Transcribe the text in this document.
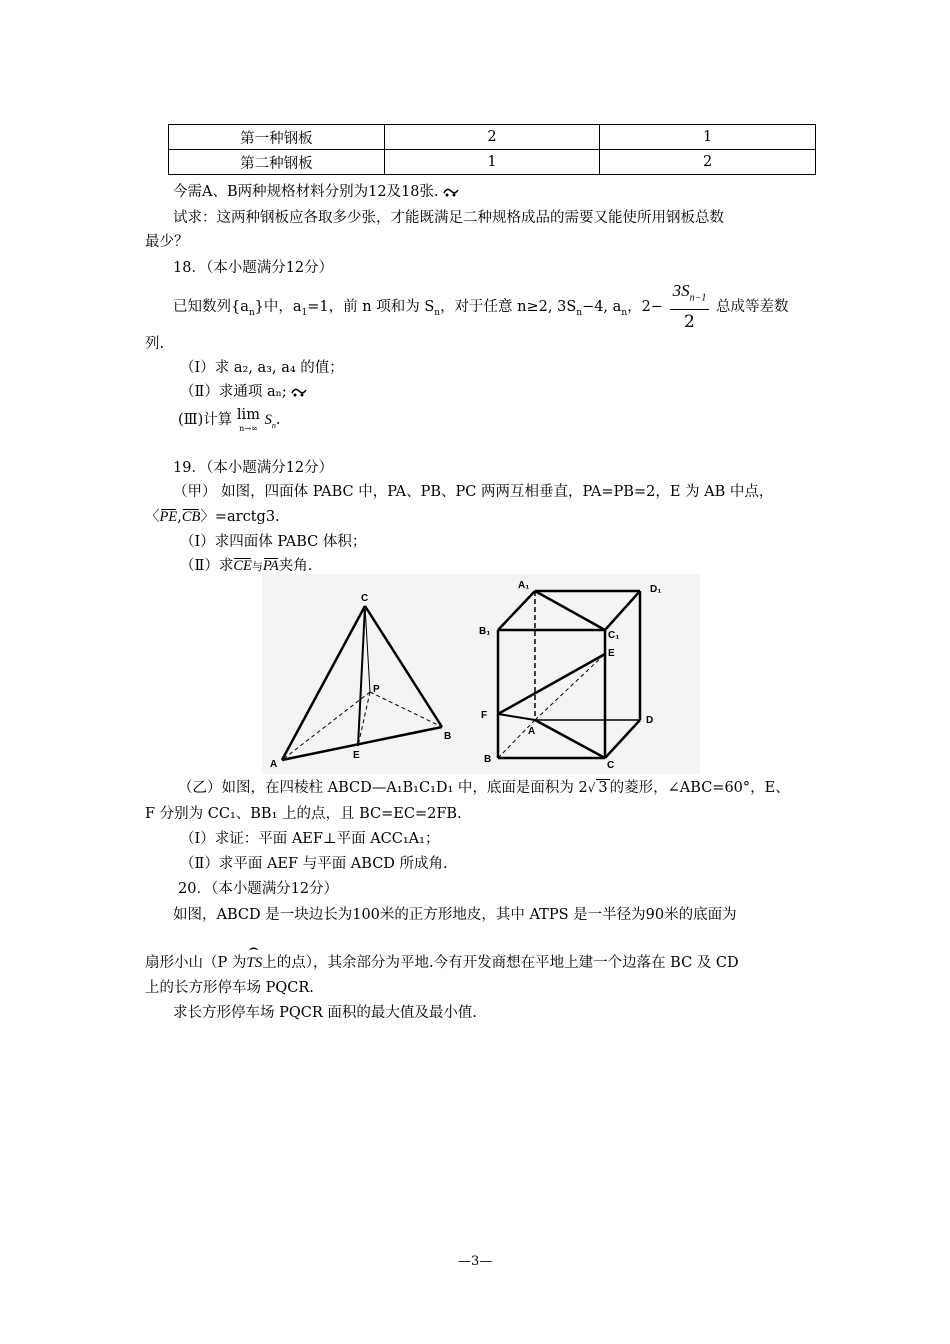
第一种钢板	2	1
第二种钢板	1	2
今需A、B两种规格材料分别为12及18张.
试求：这两种钢板应各取多少张，才能既满足二种规格成品的需要又能使所用钢板总数
最少？
18．（本小题满分12分）
已知数列$\{a_n\}$中，$a_1=1$，前 n 项和为 $S_n$，对于任意 n≥2, $3S_n-4$, $a_n$，$2- \frac{3S_{n-1}}{2}$ 总成等差数
列.
（Ⅰ）求 a₂, a₃, a₄ 的值；
（Ⅱ）求通项 aₙ;
(Ⅲ)计算 lim
n→∞
$S_n$.
19．（本小题满分12分）
（甲） 如图，四面体 PABC 中，PA、PB、PC 两两互相垂直，PA=PB=2，E 为 AB 中点，
〈PE,CB〉=arctg3.
（Ⅰ）求四面体 PABC 体积；
（Ⅱ）求CE与PA夹角.
C
P
A
E
B
A₁	D₁
B₁	C₁
E
F	D
A
B
C
（乙）如图，在四棱柱 ABCD—A₁B₁C₁D₁ 中，底面是面积为 2√ 3 的菱形，∠ABC=60°，E、
F 分别为 CC₁、BB₁ 上的点，且 BC=EC=2FB.
（Ⅰ）求证：平面 AEF⊥平面 ACC₁A₁；
（Ⅱ）求平面 AEF 与平面 ABCD 所成角.
20．（本小题满分12分）
如图，ABCD 是一块边长为100米的正方形地皮，其中 ATPS 是一半径为90米的底面为
扇形小山（P 为⌢ TS上的点），其余部分为平地.今有开发商想在平地上建一个边落在 BC 及 CD
上的长方形停车场 PQCR.
求长方形停车场 PQCR 面积的最大值及最小值.
—3—
